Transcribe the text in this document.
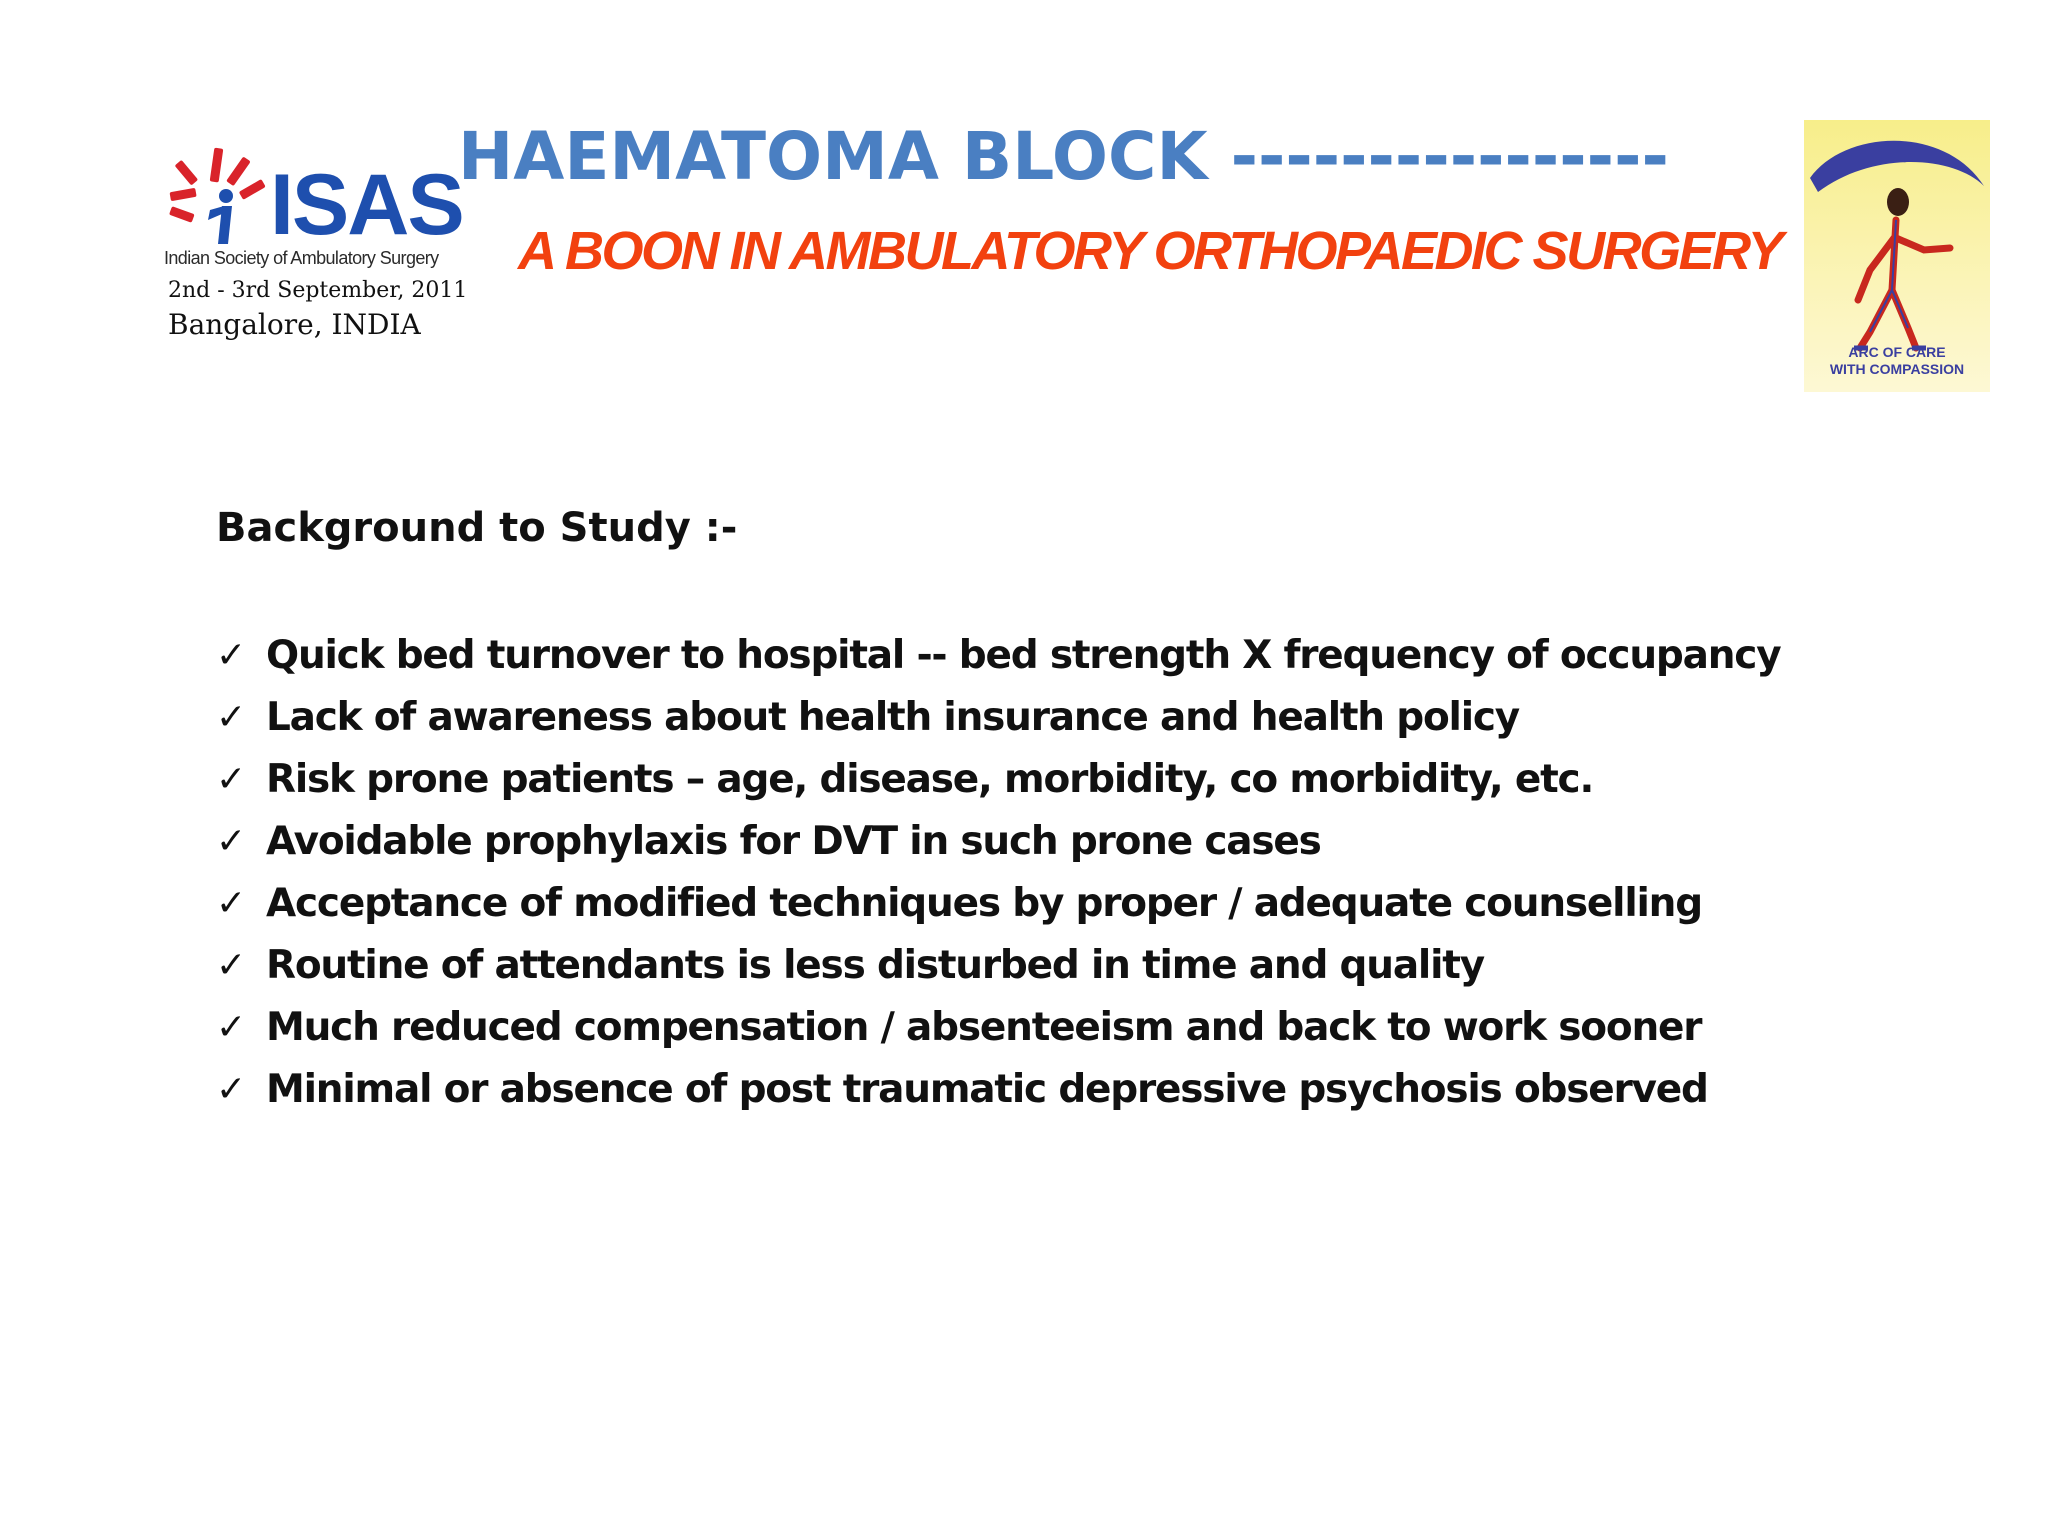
ISAS
Indian Society of Ambulatory Surgery
2nd - 3rd September, 2011
Bangalore, INDIA
HAEMATOMA BLOCK ----------------
A BOON IN AMBULATORY ORTHOPAEDIC SURGERY
ARC OF CARE
WITH COMPASSION
Background to Study :-
✓ Quick bed turnover to hospital -- bed strength X frequency of occupancy
✓ Lack of awareness about health insurance and health policy
✓ Risk prone patients – age, disease, morbidity, co morbidity, etc.
✓ Avoidable prophylaxis for DVT in such prone cases
✓ Acceptance of modified techniques by proper / adequate counselling
✓ Routine of attendants is less disturbed in time and quality
✓ Much reduced compensation / absenteeism and back to work sooner
✓ Minimal or absence of post traumatic depressive psychosis observed
